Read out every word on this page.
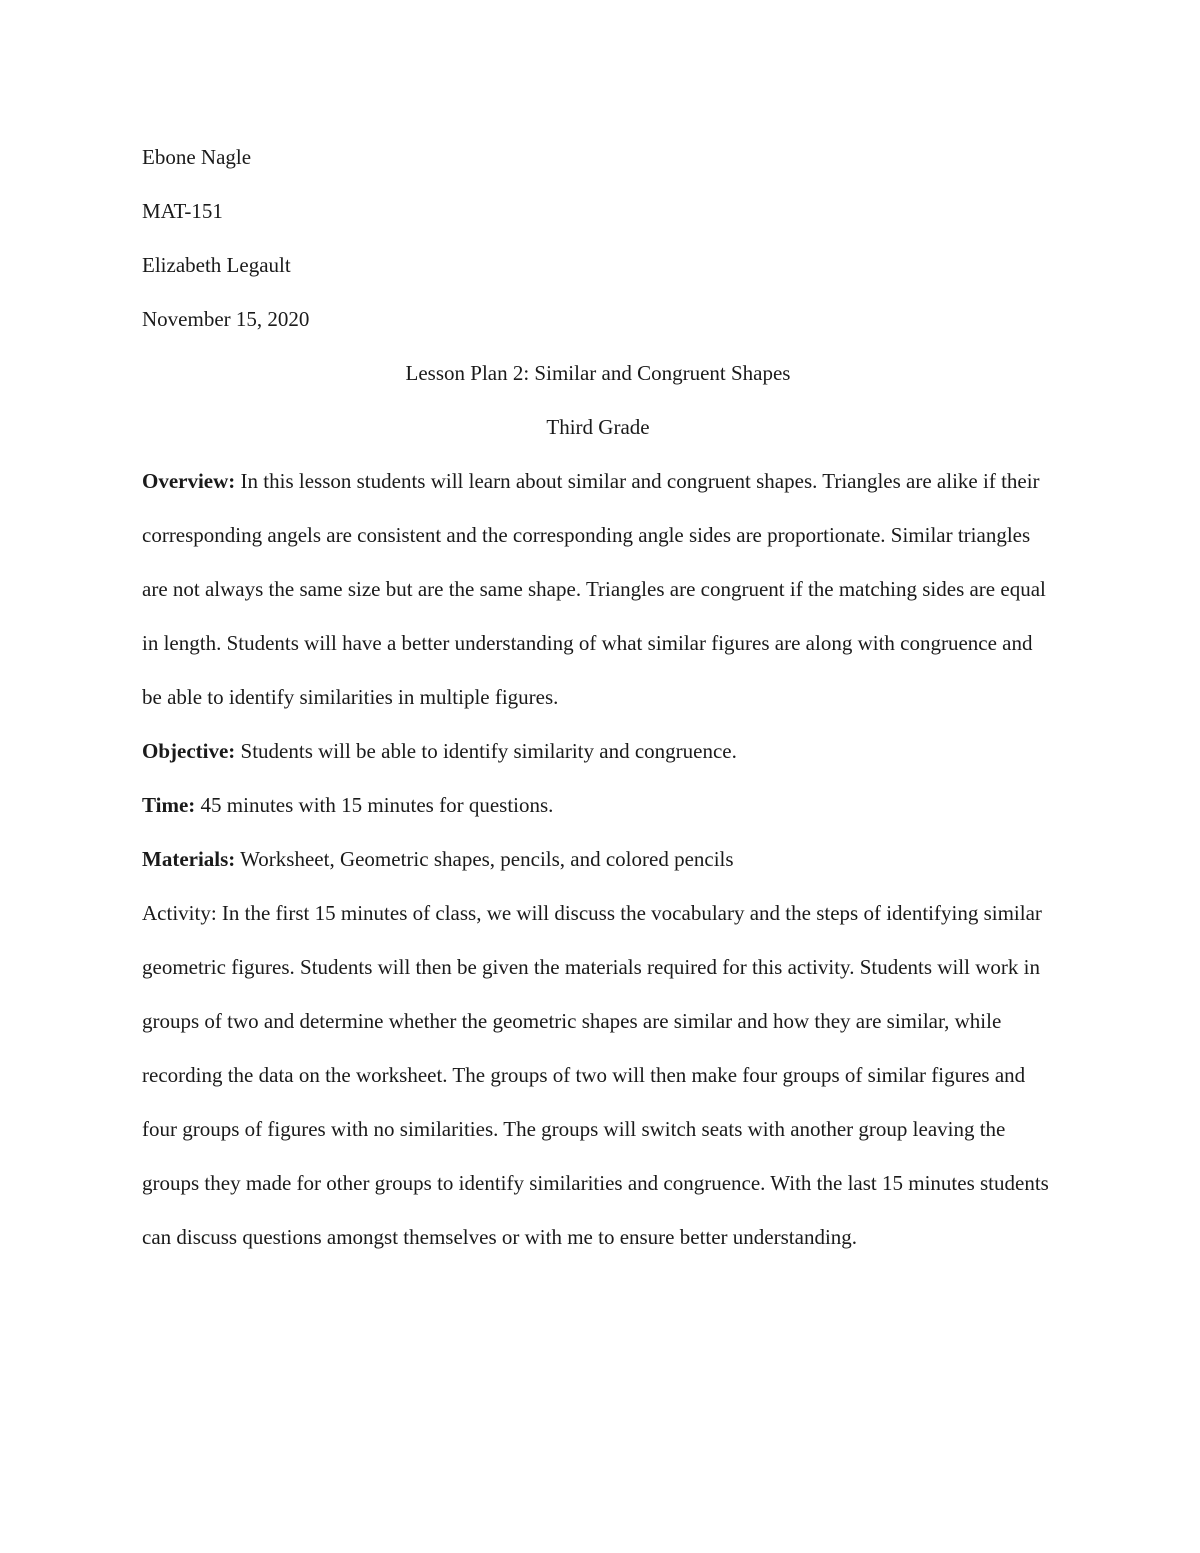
Ebone Nagle

MAT-151

Elizabeth Legault

November 15, 2020

Lesson Plan 2: Similar and Congruent Shapes

Third Grade

Overview: In this lesson students will learn about similar and congruent shapes. Triangles are alike if their corresponding angels are consistent and the corresponding angle sides are proportionate. Similar triangles are not always the same size but are the same shape. Triangles are congruent if the matching sides are equal in length. Students will have a better understanding of what similar figures are along with congruence and be able to identify similarities in multiple figures.

Objective: Students will be able to identify similarity and congruence.

Time: 45 minutes with 15 minutes for questions.

Materials: Worksheet, Geometric shapes, pencils, and colored pencils

Activity: In the first 15 minutes of class, we will discuss the vocabulary and the steps of identifying similar geometric figures. Students will then be given the materials required for this activity. Students will work in groups of two and determine whether the geometric shapes are similar and how they are similar, while recording the data on the worksheet. The groups of two will then make four groups of similar figures and four groups of figures with no similarities. The groups will switch seats with another group leaving the groups they made for other groups to identify similarities and congruence. With the last 15 minutes students can discuss questions amongst themselves or with me to ensure better understanding.
